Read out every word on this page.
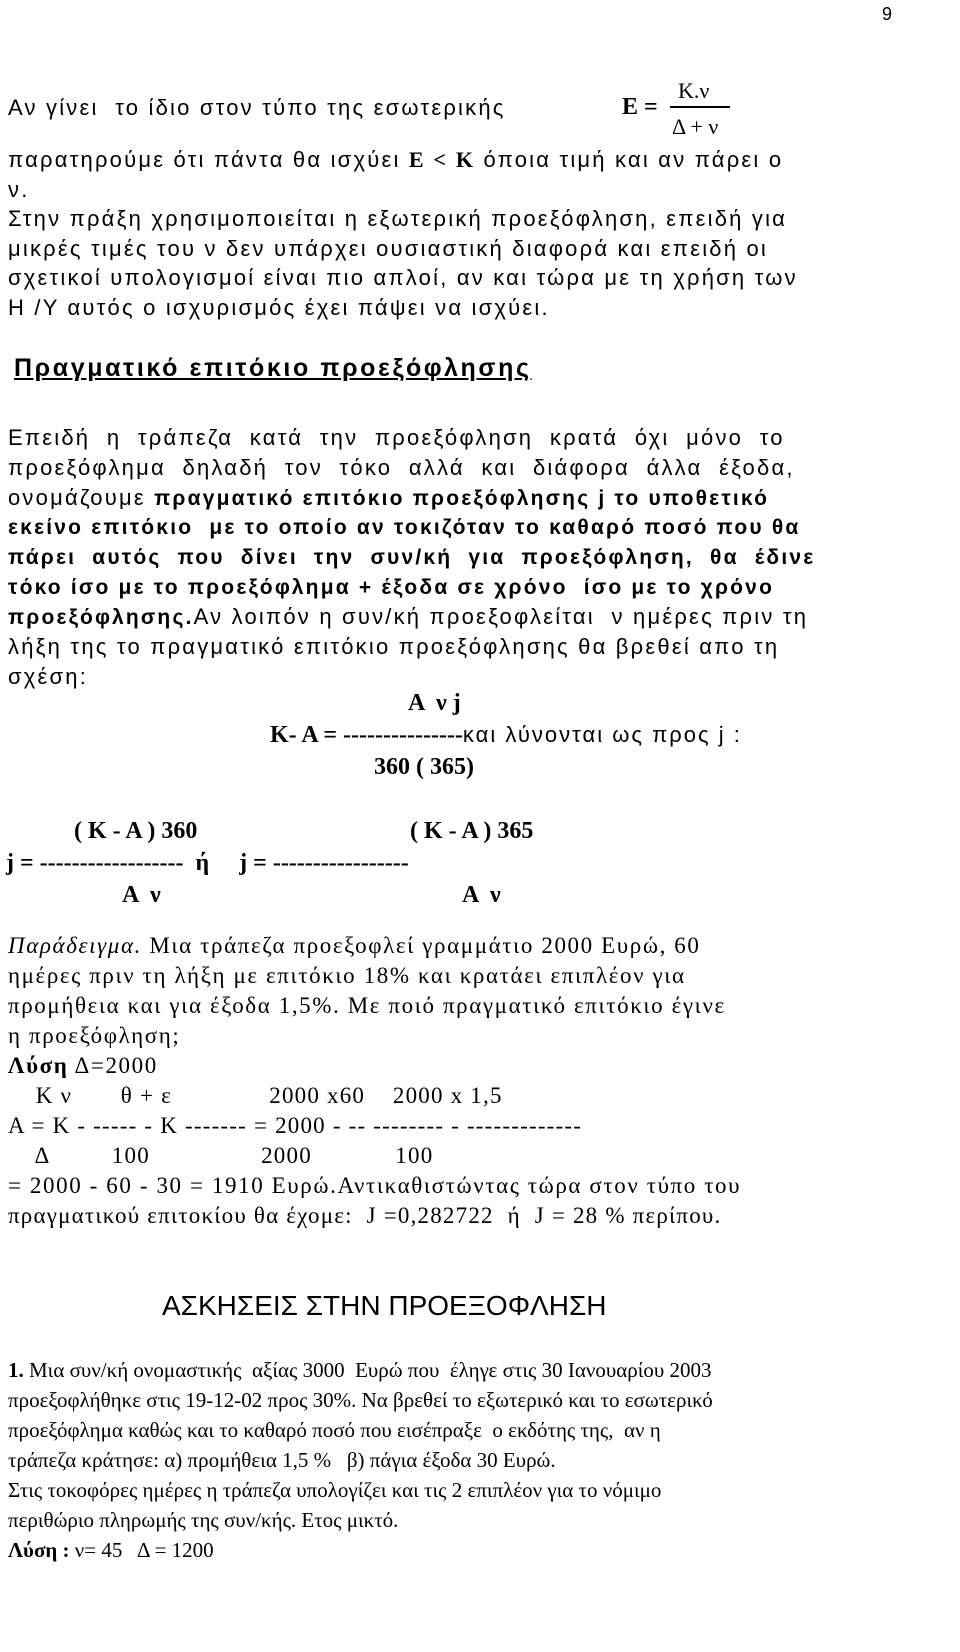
9
Αν γίνει  το ίδιο στον τύπο της εσωτερικής	E =
K.ν
Δ + ν
παρατηρούμε ότι πάντα θα ισχύει E < K όποια τιμή και αν πάρει ο
ν.
Στην πράξη χρησιμοποιείται η εξωτερική προεξόφληση, επειδή για
μικρές τιμές του ν δεν υπάρχει ουσιαστική διαφορά και επειδή οι
σχετικοί υπολογισμοί είναι πιο απλοί, αν και τώρα με τη χρήση των
Η /Υ αυτός ο ισχυρισμός έχει πάψει να ισχύει.
Πραγματικό επιτόκιο προεξόφλησης
Επειδή  η  τράπεζα  κατά  την  προεξόφληση  κρατά  όχι  μόνο  το
προεξόφλημα  δηλαδή  τον  τόκο  αλλά  και  διάφορα  άλλα  έξοδα,
ονομάζουμε πραγματικό επιτόκιο προεξόφλησης j το υποθετικό
εκείνο επιτόκιο  με το οποίο αν τοκιζόταν το καθαρό ποσό που θα
πάρει  αυτός  που  δίνει  την  συν/κή  για  προεξόφληση,  θα  έδινε
τόκο ίσο με το προεξόφλημα + έξοδα σε χρόνο  ίσο με το χρόνο
προεξόφλησης.Αν λοιπόν η συν/κή προεξοφλείται  ν ημέρες πριν τη
λήξη της το πραγματικό επιτόκιο προεξόφλησης θα βρεθεί απο τη
σχέση:
A  ν j
K- A = ---------------και λύνονται ως προς j :
360 ( 365)
( K - A ) 360	( K - A ) 365
j = ------------------  ή     j = -----------------
A  ν	A  ν
Παράδειγμα. Μια τράπεζα προεξοφλεί γραμμάτιο 2000 Ευρώ, 60
ημέρες πριν τη λήξη με επιτόκιο 18% και κρατάει επιπλέον για
προμήθεια και για έξοδα 1,5%. Με ποιό πραγματικό επιτόκιο έγινε
η προεξόφληση;
Λύση Δ=2000
K ν       θ + ε              2000 x60    2000 x 1,5
A = K - ----- - K ------- = 2000 - -- -------- - -------------
Δ         100                2000            100
= 2000 - 60 - 30 = 1910 Ευρώ.Αντικαθιστώντας τώρα στον τύπο του
πραγματικού επιτοκίου θα έχομε:  J =0,282722  ή  J = 28 % περίπου.
ΑΣΚΗΣΕΙΣ ΣΤΗΝ ΠΡΟΕΞΟΦΛΗΣΗ
1. Μια συν/κή ονομαστικής  αξίας 3000  Ευρώ που  έληγε στις 30 Ιανουαρίου 2003
προεξοφλήθηκε στις 19-12-02 προς 30%. Να βρεθεί το εξωτερικό και το εσωτερικό
προεξόφλημα καθώς και το καθαρό ποσό που εισέπραξε  ο εκδότης της,  αν η
τράπεζα κράτησε: α) προμήθεια 1,5 %   β) πάγια έξοδα 30 Ευρώ.
Στις τοκοφόρες ημέρες η τράπεζα υπολογίζει και τις 2 επιπλέον για το νόμιμο
περιθώριο πληρωμής της συν/κής. Ετος μικτό.
Λύση : ν= 45   Δ = 1200
